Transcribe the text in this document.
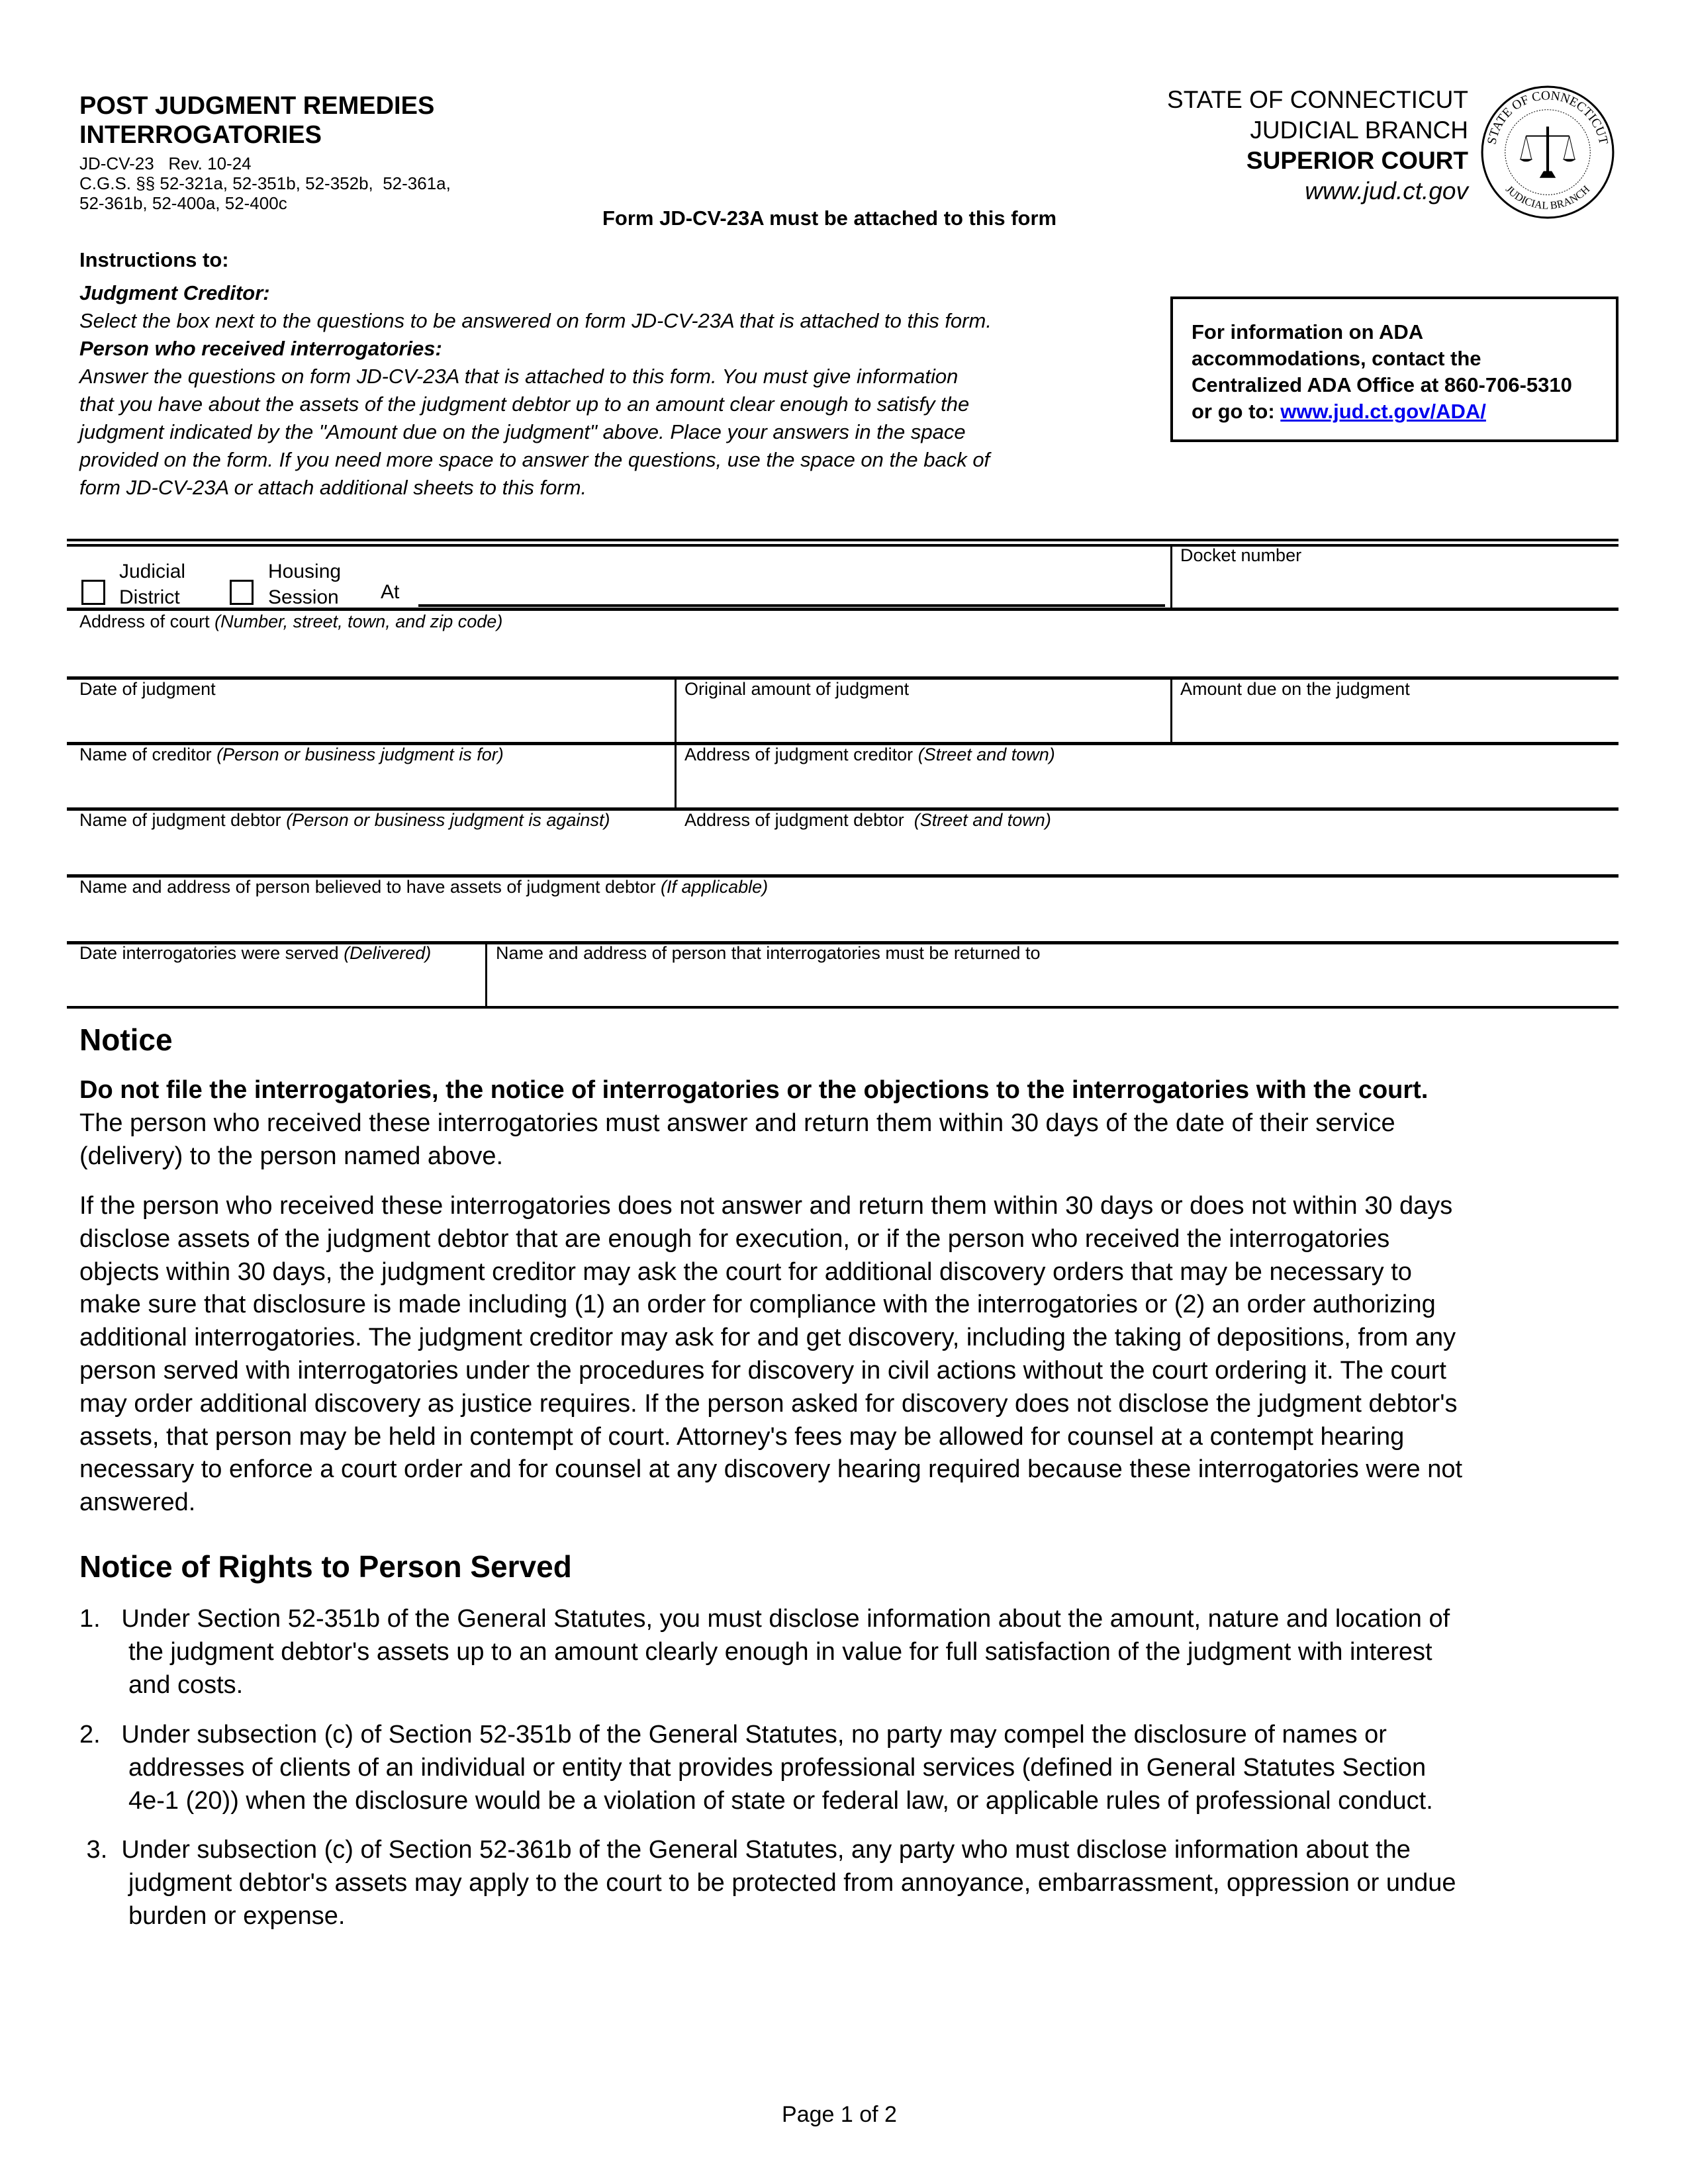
POST JUDGMENT REMEDIES
INTERROGATORIES
JD-CV-23   Rev. 10-24
C.G.S. §§ 52-321a, 52-351b, 52-352b,  52-361a,
52-361b, 52-400a, 52-400c
Form JD-CV-23A must be attached to this form
STATE OF CONNECTICUT
JUDICIAL BRANCH
SUPERIOR COURT
www.jud.ct.gov
STATE OF CONNECTICUT
JUDICIAL BRANCH
Instructions to:
Judgment Creditor:
Select the box next to the questions to be answered on form JD-CV-23A that is attached to this form.
Person who received interrogatories:
Answer the questions on form JD-CV-23A that is attached to this form. You must give information
that you have about the assets of the judgment debtor up to an amount clear enough to satisfy the
judgment indicated by the "Amount due on the judgment" above. Place your answers in the space
provided on the form. If you need more space to answer the questions, use the space on the back of
form JD-CV-23A or attach additional sheets to this form.
For information on ADA
accommodations, contact the
Centralized ADA Office at 860-706-5310
or go to: www.jud.ct.gov/ADA/
Judicial
District
Housing
Session At
Docket number
Address of court (Number, street, town, and zip code)
Date of judgment	Original amount of judgment	Amount due on the judgment
Name of creditor (Person or business judgment is for)	Address of judgment creditor (Street and town)
Name of judgment debtor (Person or business judgment is against)	Address of judgment debtor  (Street and town)
Name and address of person believed to have assets of judgment debtor (If applicable)
Date interrogatories were served (Delivered)	Name and address of person that interrogatories must be returned to
Notice
Do not file the interrogatories, the notice of interrogatories or the objections to the interrogatories with the court.
The person who received these interrogatories must answer and return them within 30 days of the date of their service
(delivery) to the person named above.
If the person who received these interrogatories does not answer and return them within 30 days or does not within 30 days
disclose assets of the judgment debtor that are enough for execution, or if the person who received the interrogatories
objects within 30 days, the judgment creditor may ask the court for additional discovery orders that may be necessary to
make sure that disclosure is made including (1) an order for compliance with the interrogatories or (2) an order authorizing
additional interrogatories. The judgment creditor may ask for and get discovery, including the taking of depositions, from any
person served with interrogatories under the procedures for discovery in civil actions without the court ordering it. The court
may order additional discovery as justice requires. If the person asked for discovery does not disclose the judgment debtor's
assets, that person may be held in contempt of court. Attorney's fees may be allowed for counsel at a contempt hearing
necessary to enforce a court order and for counsel at any discovery hearing required because these interrogatories were not
answered.
Notice of Rights to Person Served
1.   Under Section 52-351b of the General Statutes, you must disclose information about the amount, nature and location of
the judgment debtor's assets up to an amount clearly enough in value for full satisfaction of the judgment with interest
and costs.
2.   Under subsection (c) of Section 52-351b of the General Statutes, no party may compel the disclosure of names or
addresses of clients of an individual or entity that provides professional services (defined in General Statutes Section
4e-1 (20)) when the disclosure would be a violation of state or federal law, or applicable rules of professional conduct.
3.  Under subsection (c) of Section 52-361b of the General Statutes, any party who must disclose information about the
judgment debtor's assets may apply to the court to be protected from annoyance, embarrassment, oppression or undue
burden or expense.
Page 1 of 2
